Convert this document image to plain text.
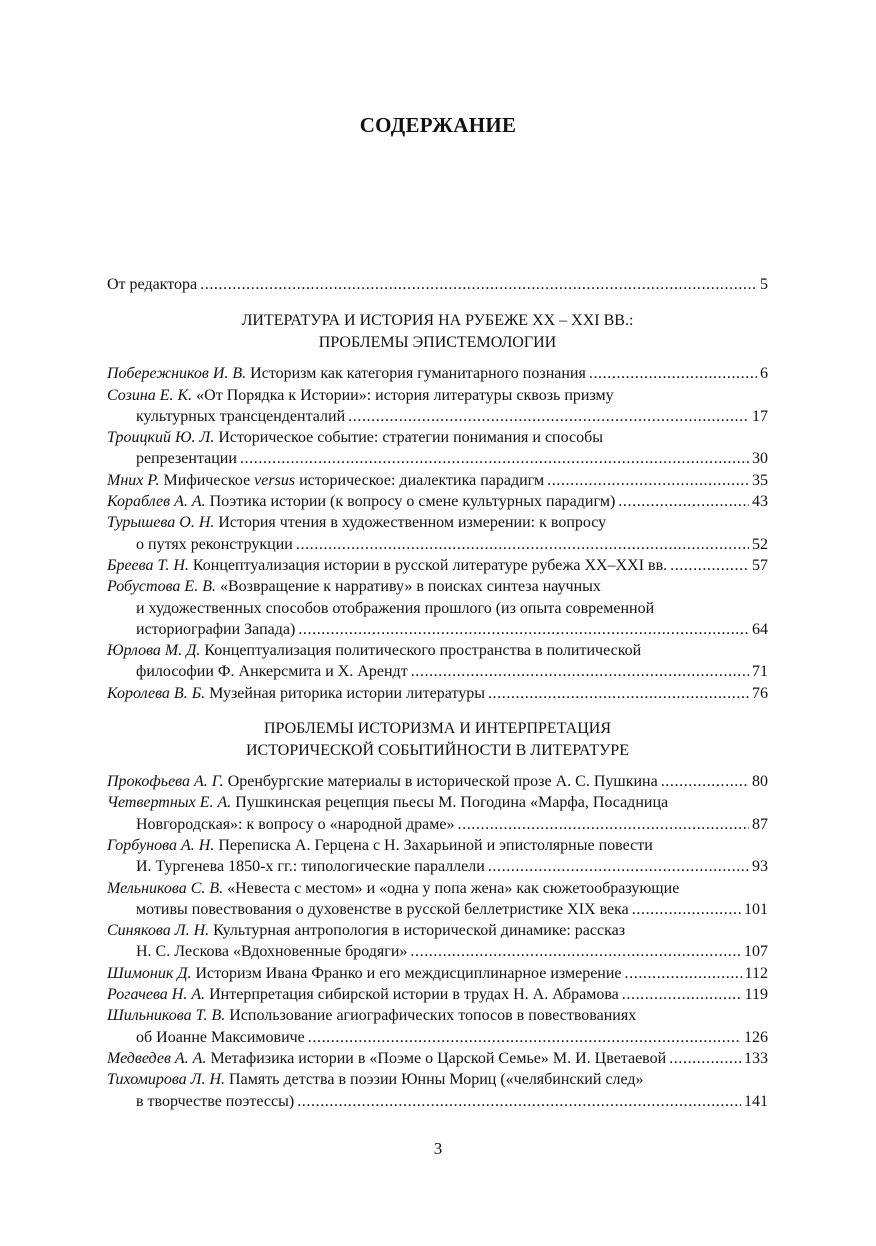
СОДЕРЖАНИЕ
От редактора .....	5
ЛИТЕРАТУРА И ИСТОРИЯ НА РУБЕЖЕ XX – XXI ВВ.:
ПРОБЛЕМЫ ЭПИСТЕМОЛОГИИ
Побережников И. В.
Историзм как категория гуманитарного познания .....	6
Созина Е. К.
«От Порядка к Истории»: история литературы сквозь призму
культурных трансценденталий .....	17
Троицкий Ю. Л.
Историческое событие: стратегии понимания и способы
репрезентации .....	30
Мних Р.
Мифическое
versus
историческое: диалектика парадигм .....	35
Кораблев А. А.
Поэтика истории (к вопросу о смене культурных парадигм) .....	43
Турышева О. Н.
История чтения в художественном измерении: к вопросу
о путях реконструкции .....	52
Бреева Т. Н.
Концептуализация истории в русской литературе рубежа XX–XXI вв. .....	57
Робустова Е. В.
«Возвращение к нарративу» в поисках синтеза научных
и художественных способов отображения прошлого (из опыта современной
историографии Запада) .....	64
Юрлова М. Д.
Концептуализация политического пространства в политической
философии Ф. Анкерсмита и Х. Арендт .....	71
Королева В. Б.
Музейная риторика истории литературы .....	76
ПРОБЛЕМЫ ИСТОРИЗМА И ИНТЕРПРЕТАЦИЯ
ИСТОРИЧЕСКОЙ СОБЫТИЙНОСТИ В ЛИТЕРАТУРЕ
Прокофьева А. Г.
Оренбургские материалы в исторической прозе А. С. Пушкина .....	80
Четвертных Е. А.
Пушкинская рецепция пьесы М. Погодина «Марфа, Посадница
Новгородская»: к вопросу о «народной драме» .....	87
Горбунова А. Н.
Переписка А. Герцена с Н. Захарьиной и эпистолярные повести
И. Тургенева 1850-х гг.: типологические параллели .....	93
Мельникова С. В.
«Невеста с местом» и «одна у попа жена» как сюжетообразующие
мотивы повествования о духовенстве в русской беллетристике XIX века .....	101
Синякова Л. Н.
Культурная антропология в исторической динамике: рассказ
Н. С. Лескова «Вдохновенные бродяги» .....	107
Шимоник Д.
Историзм Ивана Франко и его междисциплинарное измерение .....	112
Рогачева Н. А.
Интерпретация сибирской истории в трудах Н. А. Абрамова .....	119
Шильникова Т. В.
Использование агиографических топосов в повествованиях
об Иоанне Максимовиче .....	126
Медведев А. А.
Метафизика истории в «Поэме о Царской Семье» М. И. Цветаевой .....	133
Тихомирова Л. Н.
Память детства в поэзии Юнны Мориц («челябинский след»
в творчестве поэтессы) .....	141
3
